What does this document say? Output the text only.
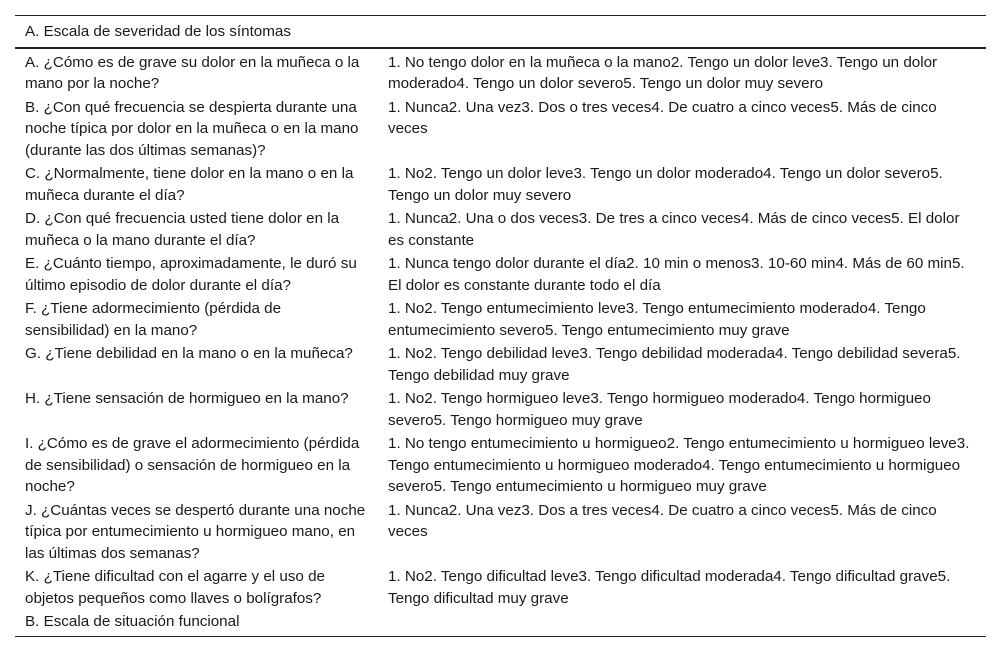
A. Escala de severidad de los síntomas	
A. ¿Cómo es de grave su dolor en la muñeca o la mano por la noche?	1. No tengo dolor en la muñeca o la mano2. Tengo un dolor leve3. Tengo un dolor moderado4. Tengo un dolor severo5. Tengo un dolor muy severo
B. ¿Con qué frecuencia se despierta durante una noche típica por dolor en la muñeca o en la mano (durante las dos últimas semanas)?	1. Nunca2. Una vez3. Dos o tres veces4. De cuatro a cinco veces5. Más de cinco veces
C. ¿Normalmente, tiene dolor en la mano o en la muñeca durante el día?	1. No2. Tengo un dolor leve3. Tengo un dolor moderado4. Tengo un dolor severo5. Tengo un dolor muy severo
D. ¿Con qué frecuencia usted tiene dolor en la muñeca o la mano durante el día?	1. Nunca2. Una o dos veces3. De tres a cinco veces4. Más de cinco veces5. El dolor es constante
E. ¿Cuánto tiempo, aproximadamente, le duró su último episodio de dolor durante el día?	1. Nunca tengo dolor durante el día2. 10 min o menos3. 10-60 min4. Más de 60 min5. El dolor es constante durante todo el día
F. ¿Tiene adormecimiento (pérdida de sensibilidad) en la mano?	1. No2. Tengo entumecimiento leve3. Tengo entumecimiento moderado4. Tengo entumecimiento severo5. Tengo entumecimiento muy grave
G. ¿Tiene debilidad en la mano o en la muñeca?	1. No2. Tengo debilidad leve3. Tengo debilidad moderada4. Tengo debilidad severa5. Tengo debilidad muy grave
H. ¿Tiene sensación de hormigueo en la mano?	1. No2. Tengo hormigueo leve3. Tengo hormigueo moderado4. Tengo hormigueo severo5. Tengo hormigueo muy grave
I. ¿Cómo es de grave el adormecimiento (pérdida de sensibilidad) o sensación de hormigueo en la noche?	1. No tengo entumecimiento u hormigueo2. Tengo entumecimiento u hormigueo leve3. Tengo entumecimiento u hormigueo moderado4. Tengo entumecimiento u hormigueo severo5. Tengo entumecimiento u hormigueo muy grave
J. ¿Cuántas veces se despertó durante una noche típica por entumecimiento u hormigueo mano, en las últimas dos semanas?	1. Nunca2. Una vez3. Dos a tres veces4. De cuatro a cinco veces5. Más de cinco veces
K. ¿Tiene dificultad con el agarre y el uso de objetos pequeños como llaves o bolígrafos?	1. No2. Tengo dificultad leve3. Tengo dificultad moderada4. Tengo dificultad grave5. Tengo dificultad muy grave
B. Escala de situación funcional	
